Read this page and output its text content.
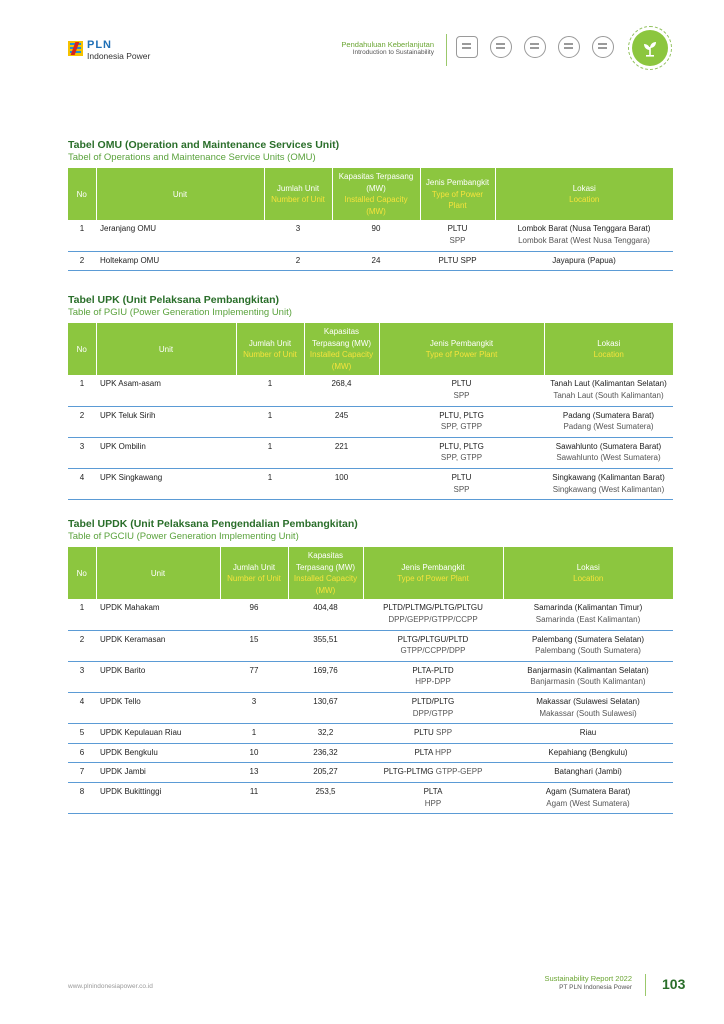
PLN
Indonesia Power
Pendahuluan Keberlanjutan
Introduction to Sustainability
Tabel OMU (Operation and Maintenance Services Unit)
Tabel of Operations and Maintenance Service Units (OMU)
No	Unit	Jumlah Unit
Number of Unit	Kapasitas Terpasang (MW)
Installed Capacity (MW)	Jenis Pembangkit
Type of Power Plant	Lokasi
Location

1	Jeranjang OMU	3	90	PLTU
SPP	Lombok Barat (Nusa Tenggara Barat)
Lombok Barat (West Nusa Tenggara)

2	Holtekamp OMU	2	24	PLTU SPP	Jayapura (Papua)
Tabel UPK (Unit Pelaksana Pembangkitan)
Table of PGIU (Power Generation Implementing Unit)
No	Unit	Jumlah Unit
Number of Unit	Kapasitas Terpasang (MW)
Installed Capacity (MW)	Jenis Pembangkit
Type of Power Plant	Lokasi
Location

1	UPK Asam-asam	1	268,4	PLTU
SPP	Tanah Laut (Kalimantan Selatan)
Tanah Laut (South Kalimantan)

2	UPK Teluk Sirih	1	245	PLTU, PLTG
SPP, GTPP	Padang (Sumatera Barat)
Padang (West Sumatera)

3	UPK Ombilin	1	221	PLTU, PLTG
SPP, GTPP	Sawahlunto (Sumatera Barat)
Sawahlunto (West Sumatera)

4	UPK Singkawang	1	100	PLTU
SPP	Singkawang (Kalimantan Barat)
Singkawang (West Kalimantan)
Tabel UPDK (Unit Pelaksana Pengendalian Pembangkitan)
Table of PGCIU (Power Generation Implementing Unit)
No	Unit	Jumlah Unit
Number of Unit	Kapasitas Terpasang (MW)
Installed Capacity (MW)	Jenis Pembangkit
Type of Power Plant	Lokasi
Location

1	UPDK Mahakam	96	404,48	PLTD/PLTMG/PLTG/PLTGU
DPP/GEPP/GTPP/CCPP	Samarinda (Kalimantan Timur)
Samarinda (East Kalimantan)

2	UPDK Keramasan	15	355,51	PLTG/PLTGU/PLTD
GTPP/CCPP/DPP	Palembang (Sumatera Selatan)
Palembang (South Sumatera)

3	UPDK Barito	77	169,76	PLTA-PLTD
HPP-DPP	Banjarmasin (Kalimantan Selatan)
Banjarmasin (South Kalimantan)

4	UPDK Tello	3	130,67	PLTD/PLTG
DPP/GTPP	Makassar (Sulawesi Selatan)
Makassar (South Sulawesi)

5	UPDK Kepulauan Riau	1	32,2	PLTU SPP	Riau
6	UPDK Bengkulu	10	236,32	PLTA HPP	Kepahiang (Bengkulu)
7	UPDK Jambi	13	205,27	PLTG-PLTMG GTPP-GEPP	Batanghari (Jambi)
8	UPDK Bukittinggi	11	253,5	PLTA
HPP	Agam (Sumatera Barat)
Agam (West Sumatera)
www.plnindonesiapower.co.id
Sustainability Report 2022
PT PLN Indonesia Power 103
